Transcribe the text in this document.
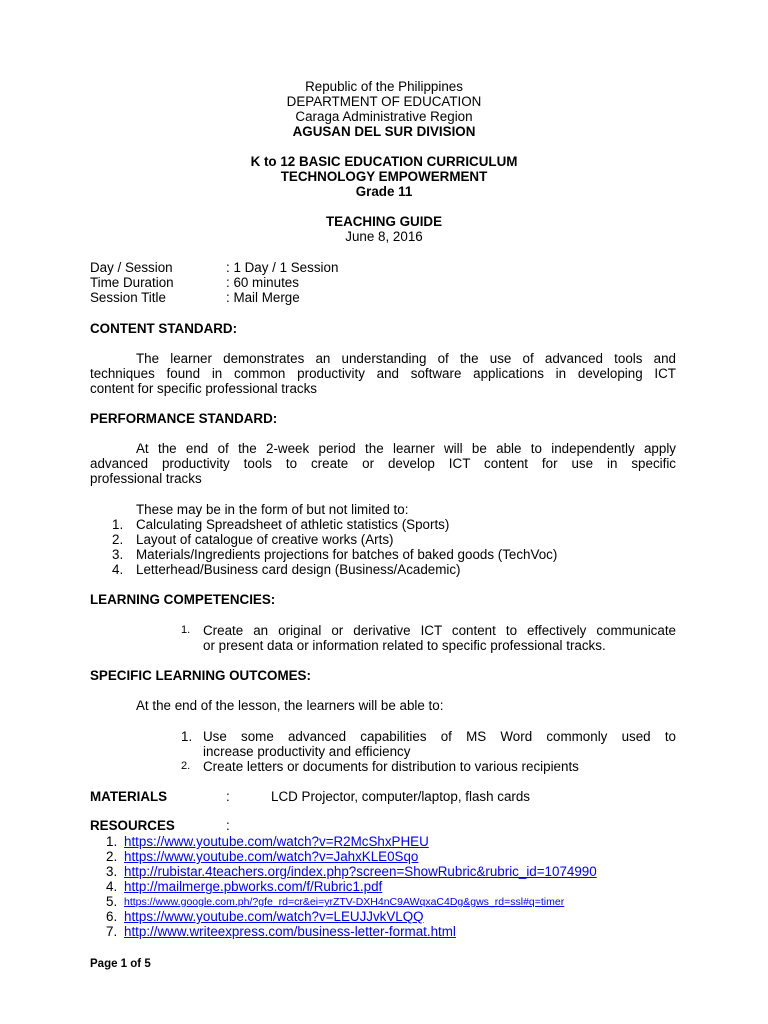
Republic of the Philippines
DEPARTMENT OF EDUCATION
Caraga Administrative Region
AGUSAN DEL SUR DIVISION
K to 12 BASIC EDUCATION CURRICULUM
TECHNOLOGY EMPOWERMENT
Grade 11
TEACHING GUIDE
June 8, 2016
Day / Session	: 1 Day / 1 Session
Time Duration	: 60 minutes
Session Title	: Mail Merge
CONTENT STANDARD:
The learner demonstrates an understanding of the use of advanced tools and
techniques found in common productivity and software applications in developing ICT
content for specific professional tracks
PERFORMANCE STANDARD:
At the end of the 2-week period the learner will be able to independently apply
advanced productivity tools to create or develop ICT content for use in specific
professional tracks
These may be in the form of but not limited to:
1. Calculating Spreadsheet of athletic statistics (Sports)
2. Layout of catalogue of creative works (Arts)
3. Materials/Ingredients projections for batches of baked goods (TechVoc)
4. Letterhead/Business card design (Business/Academic)
LEARNING COMPETENCIES:
1. Create an original or derivative ICT content to effectively communicate
or present data or information related to specific professional tracks.
SPECIFIC LEARNING OUTCOMES:
At the end of the lesson, the learners will be able to:
1. Use some advanced capabilities of MS Word commonly used to
increase productivity and efficiency
2. Create letters or documents for distribution to various recipients
MATERIALS	:	LCD Projector, computer/laptop, flash cards
RESOURCES	:
1. https://www.youtube.com/watch?v=R2McShxPHEU
2. https://www.youtube.com/watch?v=JahxKLE0Sqo
3. http://rubistar.4teachers.org/index.php?screen=ShowRubric&rubric_id=1074990
4. http://mailmerge.pbworks.com/f/Rubric1.pdf
5. https://www.google.com.ph/?gfe_rd=cr&ei=yrZTV-DXH4nC9AWqxaC4Dg&gws_rd=ssl#q=timer
6. https://www.youtube.com/watch?v=LEUJJvkVLQQ
7. http://www.writeexpress.com/business-letter-format.html
Page 1 of 5
